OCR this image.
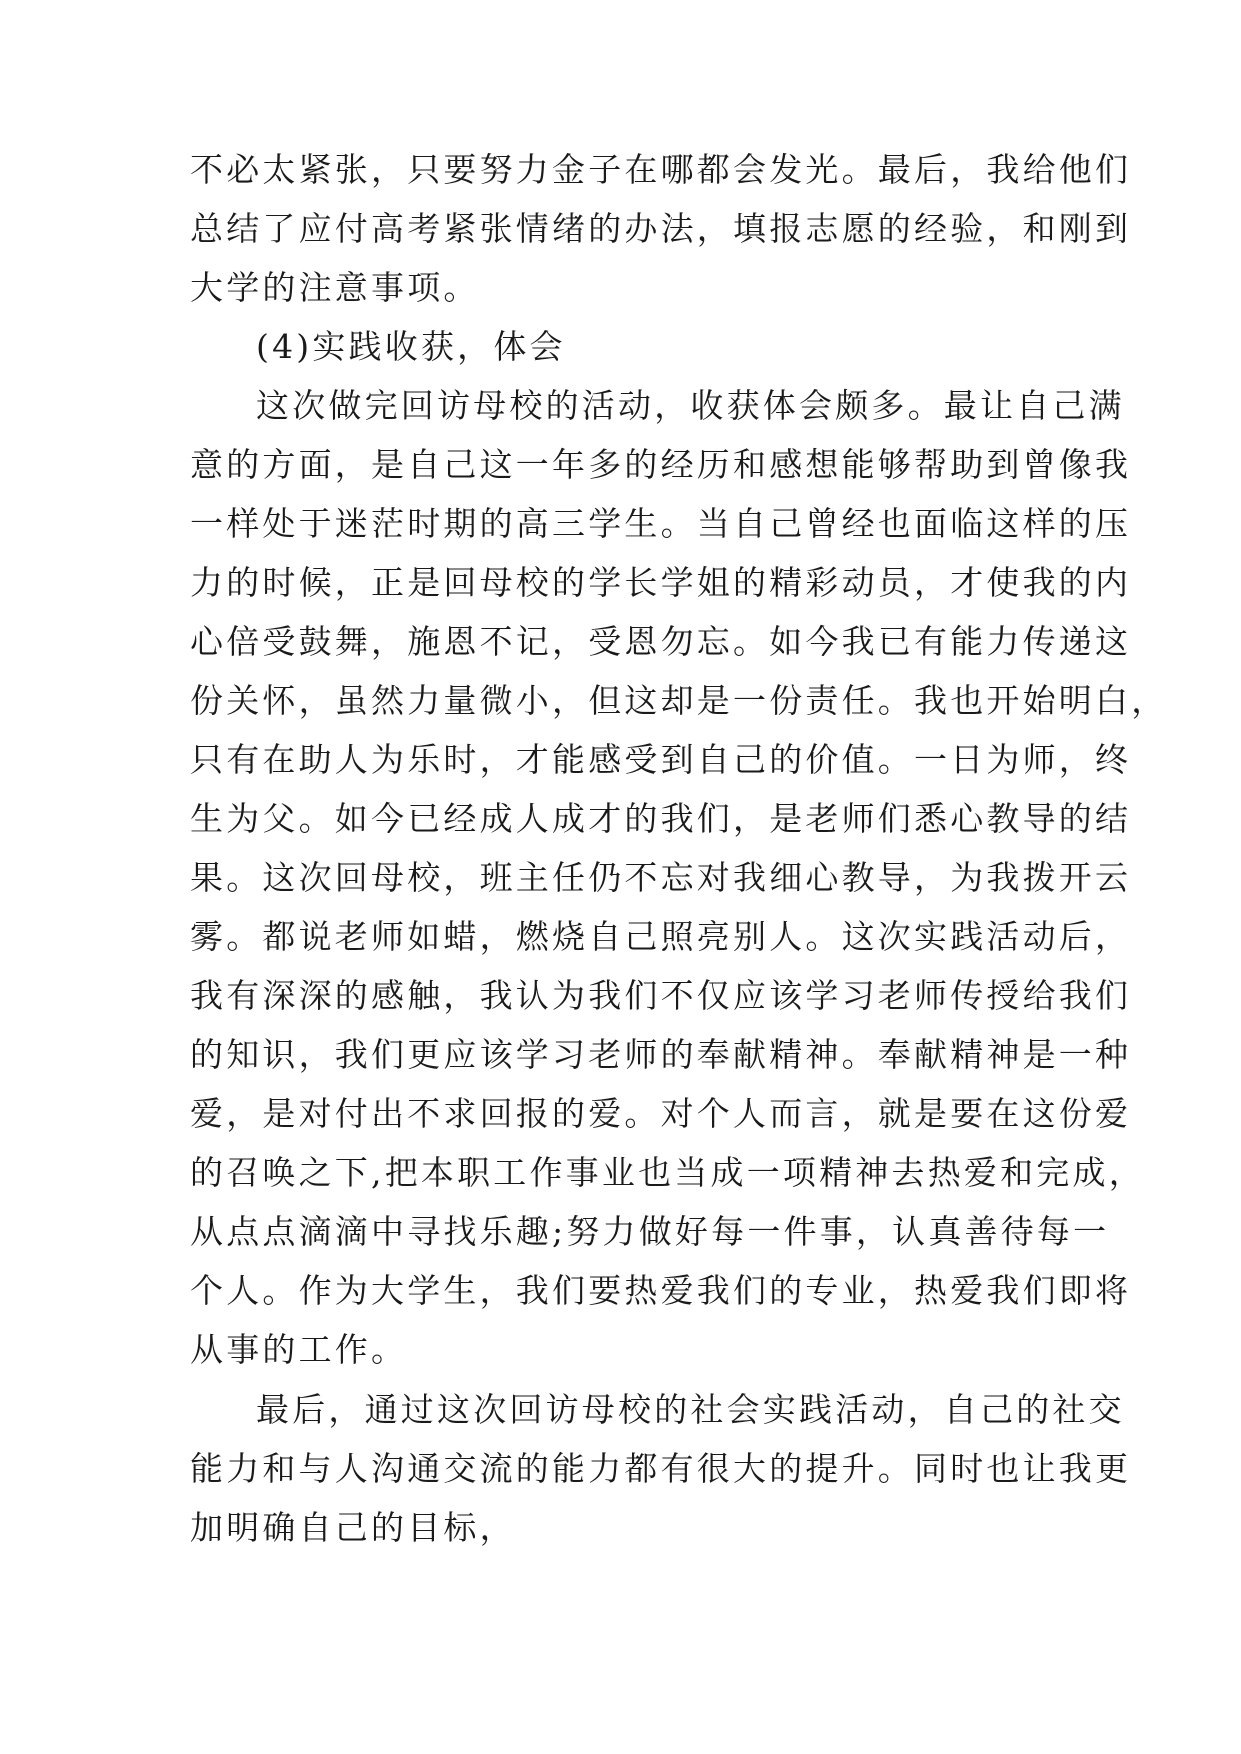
不必太紧张，只要努力金子在哪都会发光。最后，我给他们
总结了应付高考紧张情绪的办法，填报志愿的经验，和刚到
大学的注意事项。
(4)实践收获，体会
这次做完回访母校的活动，收获体会颇多。最让自己满
意的方面，是自己这一年多的经历和感想能够帮助到曾像我
一样处于迷茫时期的高三学生。当自己曾经也面临这样的压
力的时候，正是回母校的学长学姐的精彩动员，才使我的内
心倍受鼓舞，施恩不记，受恩勿忘。如今我已有能力传递这
份关怀，虽然力量微小，但这却是一份责任。我也开始明白，
只有在助人为乐时，才能感受到自己的价值。一日为师，终
生为父。如今已经成人成才的我们，是老师们悉心教导的结
果。这次回母校，班主任仍不忘对我细心教导，为我拨开云
雾。都说老师如蜡，燃烧自己照亮别人。这次实践活动后，
我有深深的感触，我认为我们不仅应该学习老师传授给我们
的知识，我们更应该学习老师的奉献精神。奉献精神是一种
爱，是对付出不求回报的爱。对个人而言，就是要在这份爱
的召唤之下,把本职工作事业也当成一项精神去热爱和完成，
从点点滴滴中寻找乐趣;努力做好每一件事，认真善待每一
个人。作为大学生，我们要热爱我们的专业，热爱我们即将
从事的工作。
最后，通过这次回访母校的社会实践活动，自己的社交
能力和与人沟通交流的能力都有很大的提升。同时也让我更
加明确自己的目标，
